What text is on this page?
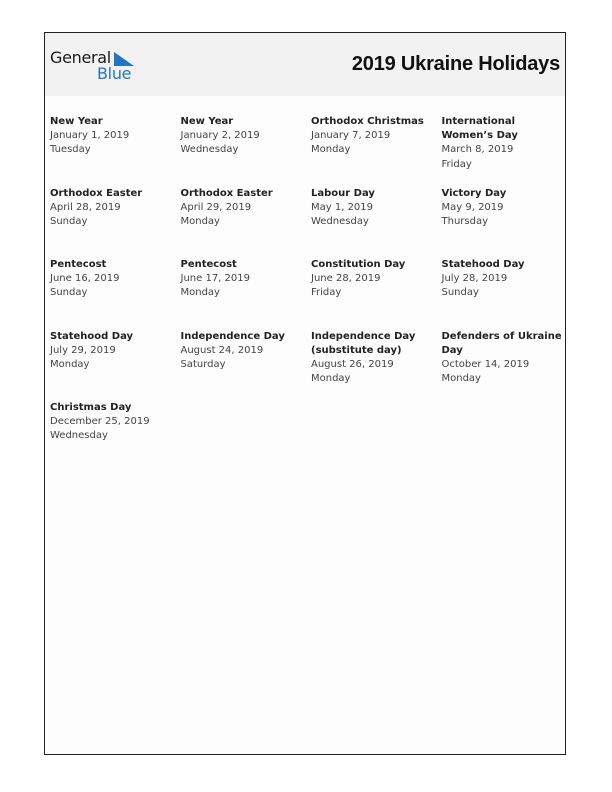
General
Blue	2019 Ukraine Holidays
New Year
January 1, 2019
Tuesday
New Year
January 2, 2019
Wednesday
Orthodox Christmas
January 7, 2019
Monday
International Women’s Day
March 8, 2019
Friday
Orthodox Easter
April 28, 2019
Sunday
Orthodox Easter
April 29, 2019
Monday
Labour Day
May 1, 2019
Wednesday
Victory Day
May 9, 2019
Thursday
Pentecost
June 16, 2019
Sunday
Pentecost
June 17, 2019
Monday
Constitution Day
June 28, 2019
Friday
Statehood Day
July 28, 2019
Sunday
Statehood Day
July 29, 2019
Monday
Independence Day
August 24, 2019
Saturday
Independence Day (substitute day)
August 26, 2019
Monday
Defenders of Ukraine Day
October 14, 2019
Monday
Christmas Day
December 25, 2019
Wednesday
